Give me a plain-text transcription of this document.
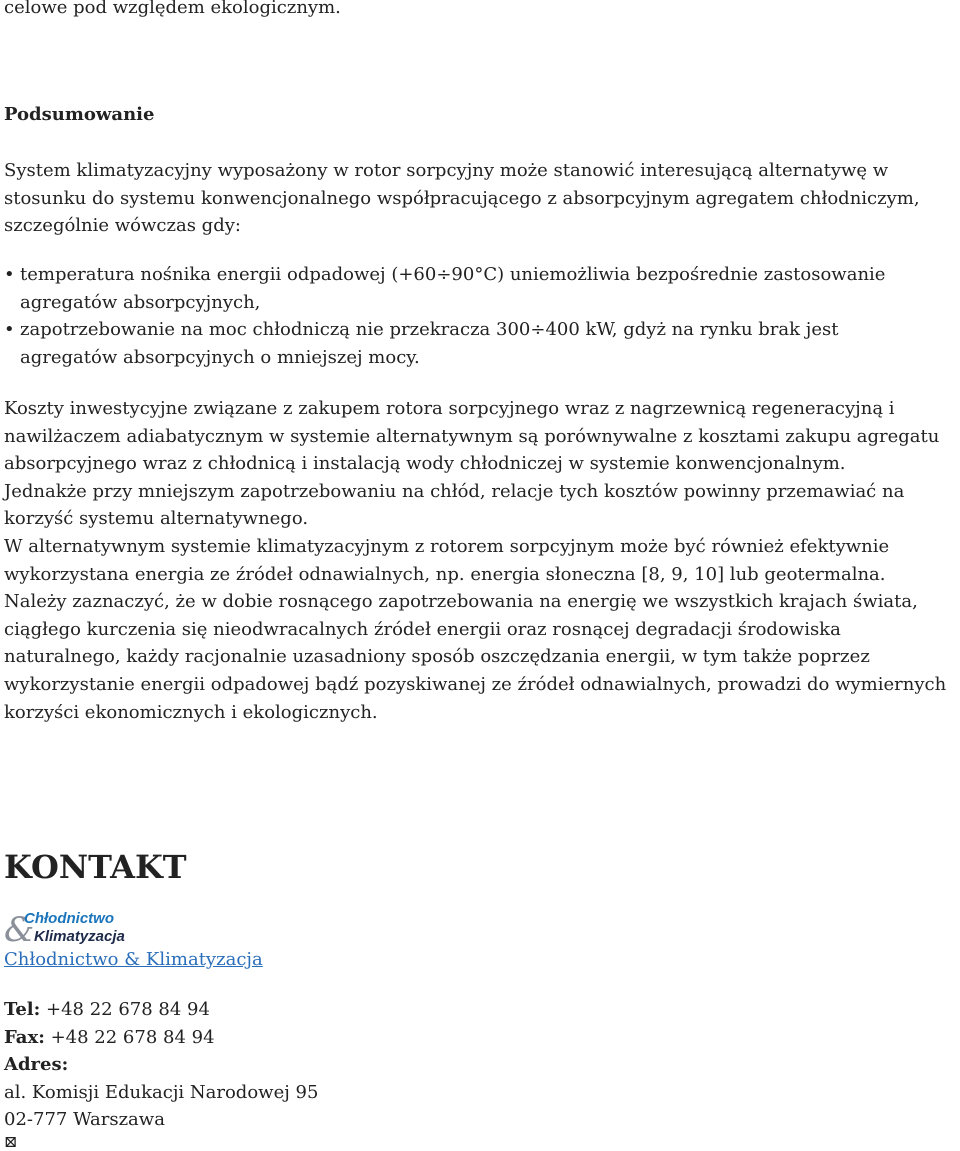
celowe pod względem ekologicznym.

Podsumowanie

System klimatyzacyjny wyposażony w rotor sorpcyjny może stanowić interesującą alternatywę w stosunku do systemu konwencjonalnego współpracującego z absorpcyjnym agregatem chłodniczym, szczególnie wówczas gdy:

• temperatura nośnika energii odpadowej (+60÷90°C) uniemożliwia bezpośrednie zastosowanie agregatów absorpcyjnych,
• zapotrzebowanie na moc chłodniczą nie przekracza 300÷400 kW, gdyż na rynku brak jest agregatów absorpcyjnych o mniejszej mocy.

Koszty inwestycyjne związane z zakupem rotora sorpcyjnego wraz z nagrzewnicą regeneracyjną i nawilżaczem adiabatycznym w systemie alternatywnym są porównywalne z kosztami zakupu agregatu absorpcyjnego wraz z chłodnicą i instalacją wody chłodniczej w systemie konwencjonalnym.

Jednakże przy mniejszym zapotrzebowaniu na chłód, relacje tych kosztów powinny przemawiać na korzyść systemu alternatywnego.

W alternatywnym systemie klimatyzacyjnym z rotorem sorpcyjnym może być również efektywnie wykorzystana energia ze źródeł odnawialnych, np. energia słoneczna [8, 9, 10] lub geotermalna.

Należy zaznaczyć, że w dobie rosnącego zapotrzebowania na energię we wszystkich krajach świata, ciągłego kurczenia się nieodwracalnych źródeł energii oraz rosnącej degradacji środowiska naturalnego, każdy racjonalnie uzasadniony sposób oszczędzania energii, w tym także poprzez wykorzystanie energii odpadowej bądź pozyskiwanej ze źródeł odnawialnych, prowadzi do wymiernych korzyści ekonomicznych i ekologicznych.

KONTAKT
&
Chłodnictwo
Klimatyzacja
Chłodnictwo & Klimatyzacja
Tel: +48 22 678 84 94
Fax: +48 22 678 84 94
Adres:
al. Komisji Edukacji Narodowej 95
02-777 Warszawa
⊠
